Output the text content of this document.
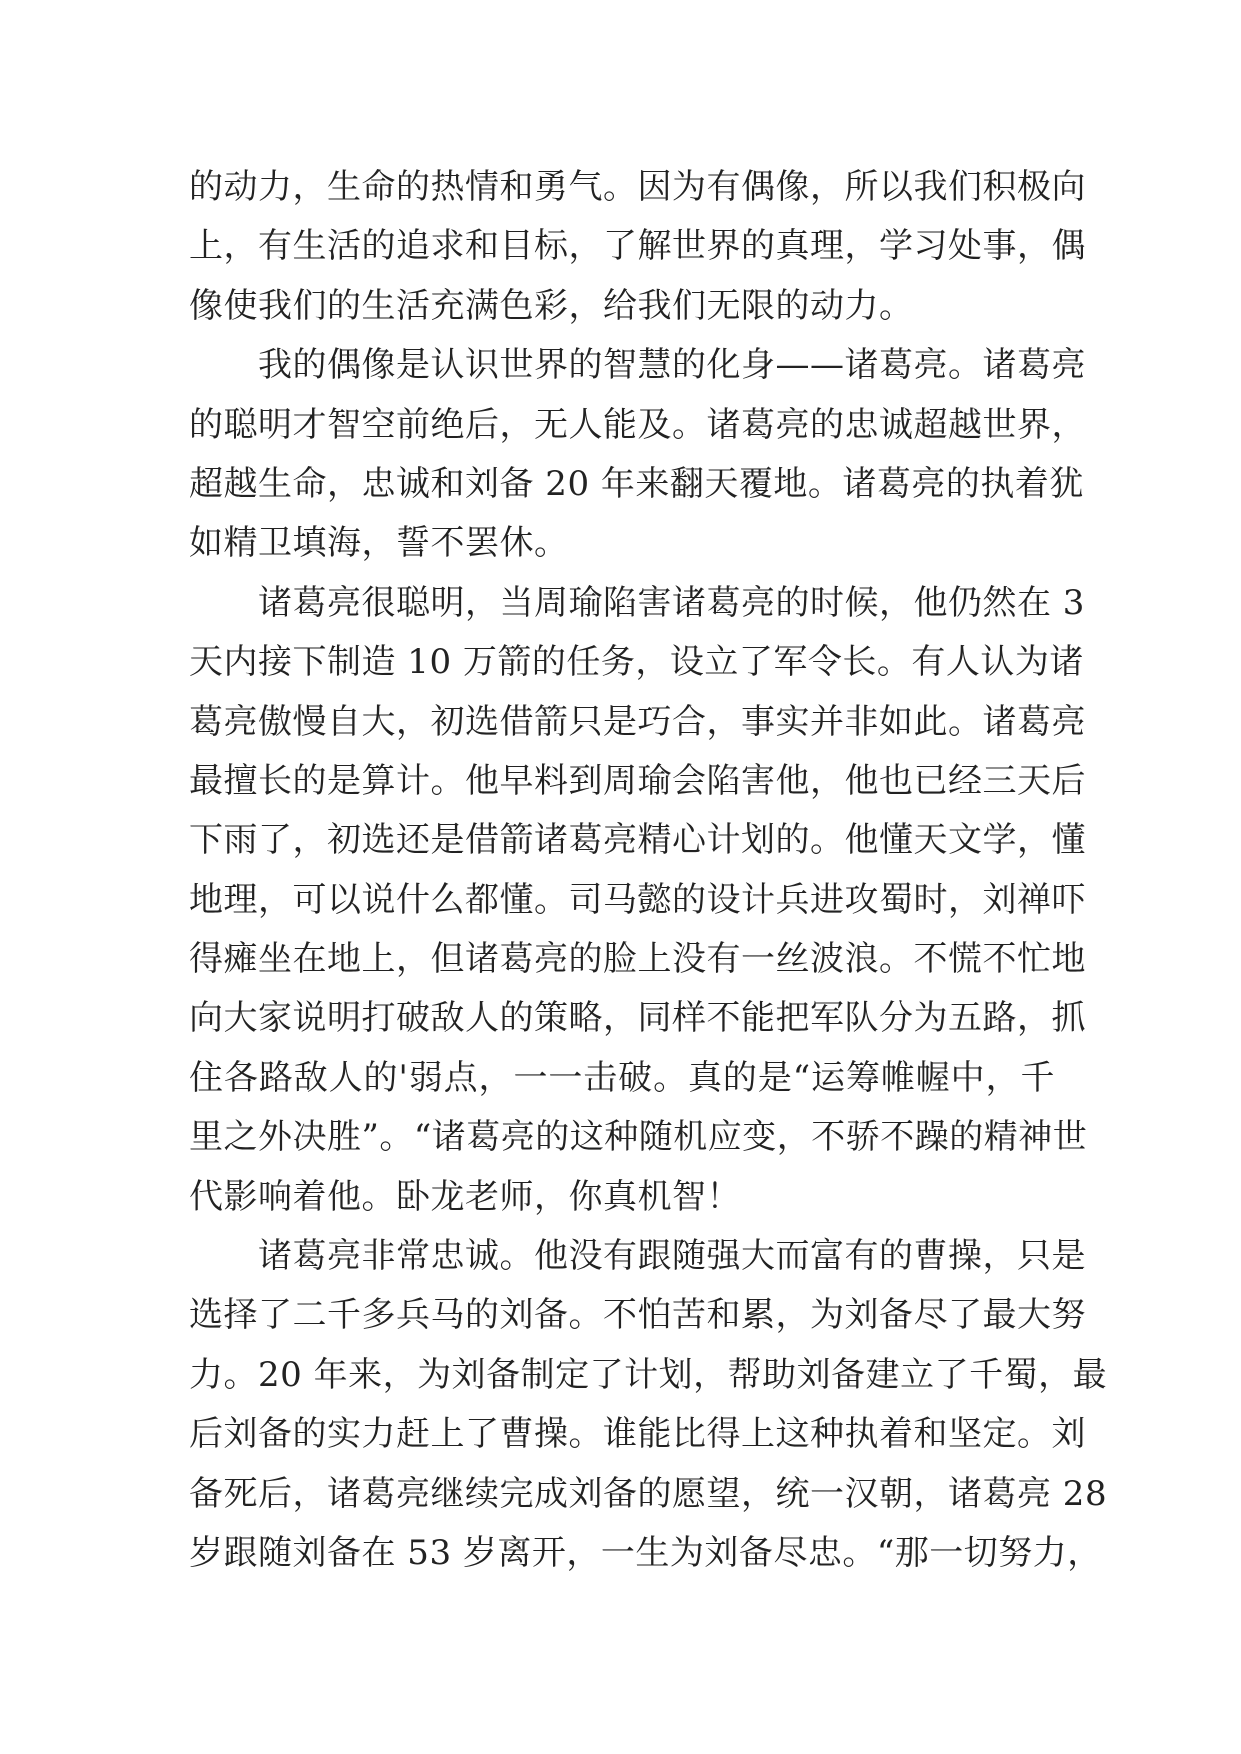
的动力，生命的热情和勇气。因为有偶像，所以我们积极向
上，有生活的追求和目标，了解世界的真理，学习处事，偶
像使我们的生活充满色彩，给我们无限的动力。
　　我的偶像是认识世界的智慧的化身——诸葛亮。诸葛亮
的聪明才智空前绝后，无人能及。诸葛亮的忠诚超越世界，
超越生命，忠诚和刘备 20 年来翻天覆地。诸葛亮的执着犹
如精卫填海，誓不罢休。
　　诸葛亮很聪明，当周瑜陷害诸葛亮的时候，他仍然在 3
天内接下制造 10 万箭的任务，设立了军令长。有人认为诸
葛亮傲慢自大，初选借箭只是巧合，事实并非如此。诸葛亮
最擅长的是算计。他早料到周瑜会陷害他，他也已经三天后
下雨了，初选还是借箭诸葛亮精心计划的。他懂天文学，懂
地理，可以说什么都懂。司马懿的设计兵进攻蜀时，刘禅吓
得瘫坐在地上，但诸葛亮的脸上没有一丝波浪。不慌不忙地
向大家说明打破敌人的策略，同样不能把军队分为五路，抓
住各路敌人的'弱点，一一击破。真的是“运筹帷幄中，千
里之外决胜”。“诸葛亮的这种随机应变，不骄不躁的精神世
代影响着他。卧龙老师，你真机智！
　　诸葛亮非常忠诚。他没有跟随强大而富有的曹操，只是
选择了二千多兵马的刘备。不怕苦和累，为刘备尽了最大努
力。20 年来，为刘备制定了计划，帮助刘备建立了千蜀，最
后刘备的实力赶上了曹操。谁能比得上这种执着和坚定。刘
备死后，诸葛亮继续完成刘备的愿望，统一汉朝，诸葛亮 28
岁跟随刘备在 53 岁离开，一生为刘备尽忠。“那一切努力，
